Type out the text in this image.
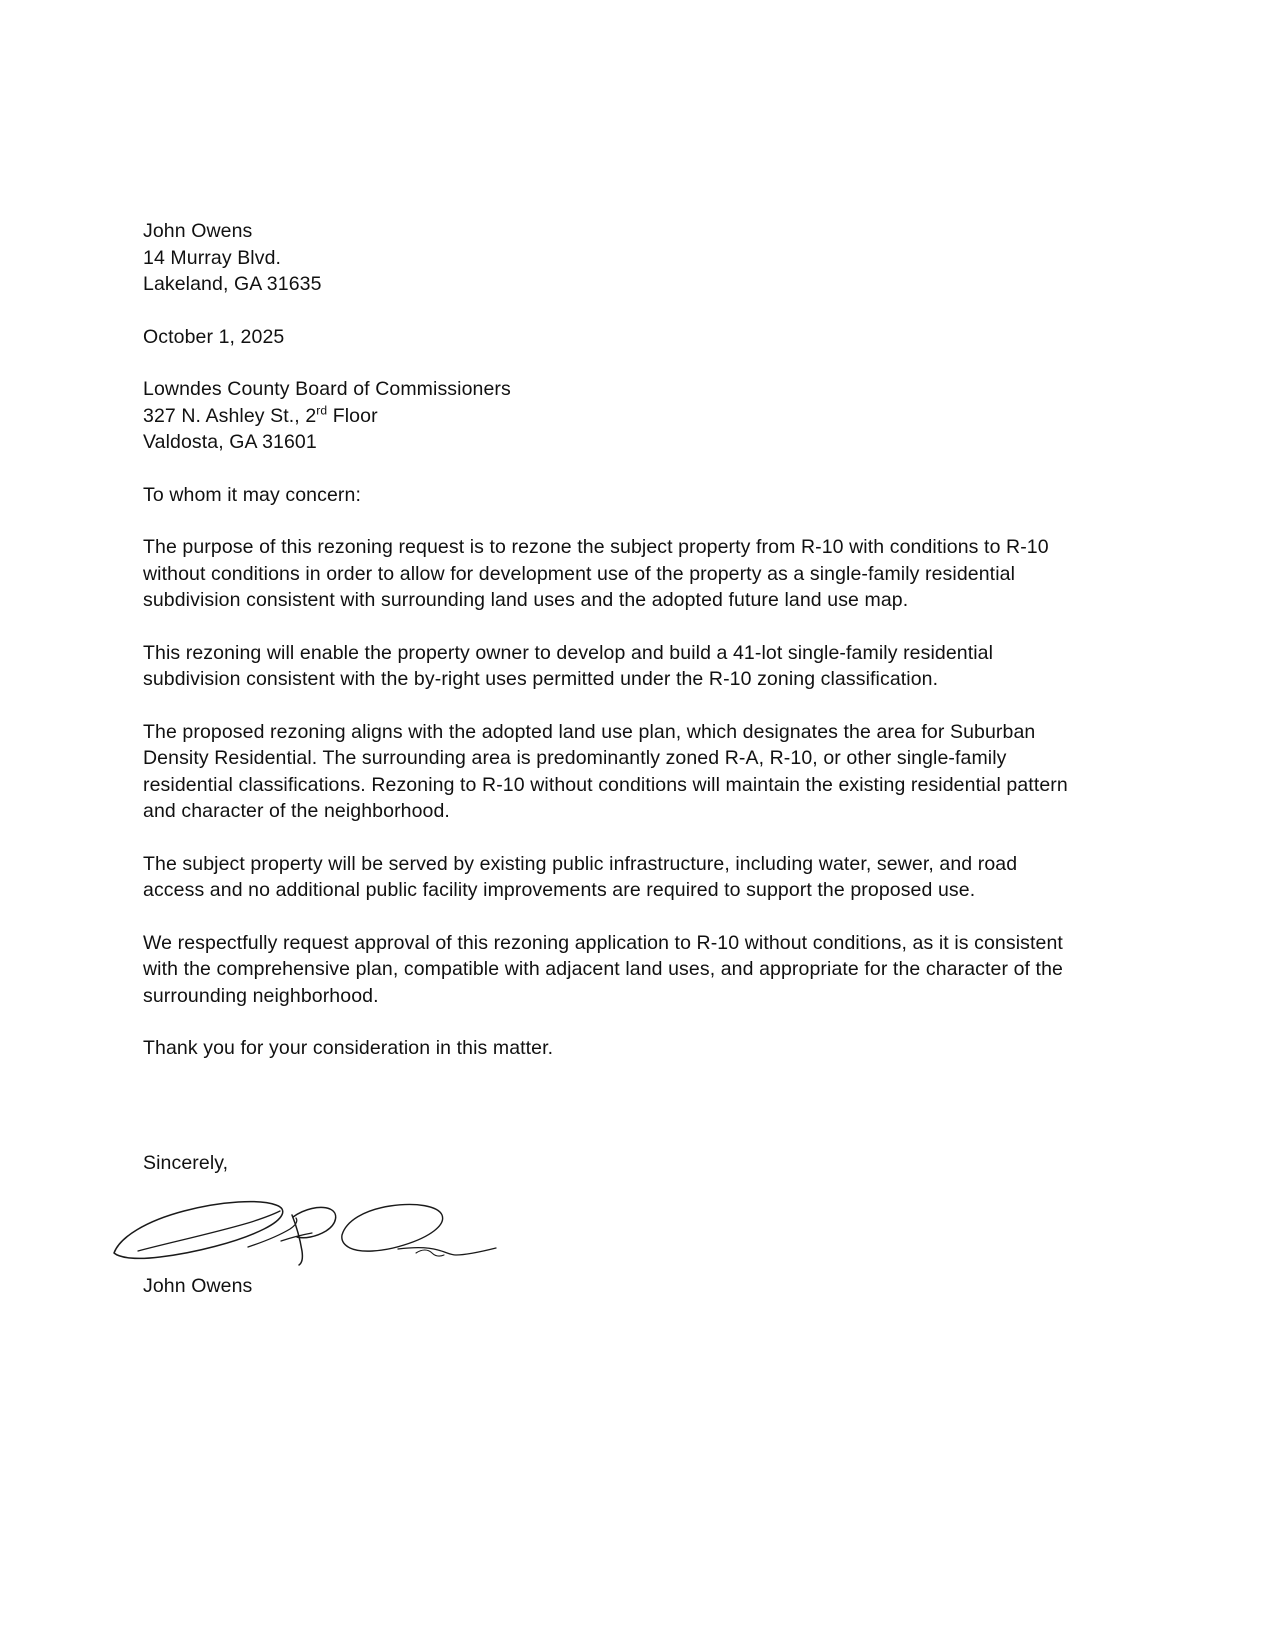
John Owens
14 Murray Blvd.
Lakeland, GA 31635
October 1, 2025
Lowndes County Board of Commissioners
327 N. Ashley St., 2rd Floor
Valdosta, GA 31601
To whom it may concern:

The purpose of this rezoning request is to rezone the subject property from R-10 with conditions to R-10 without conditions in order to allow for development use of the property as a single-family residential subdivision consistent with surrounding land uses and the adopted future land use map.

This rezoning will enable the property owner to develop and build a 41-lot single-family residential subdivision consistent with the by-right uses permitted under the R-10 zoning classification.

The proposed rezoning aligns with the adopted land use plan, which designates the area for Suburban Density Residential. The surrounding area is predominantly zoned R-A, R-10, or other single-family residential classifications. Rezoning to R-10 without conditions will maintain the existing residential pattern and character of the neighborhood.

The subject property will be served by existing public infrastructure, including water, sewer, and road access and no additional public facility improvements are required to support the proposed use.

We respectfully request approval of this rezoning application to R-10 without conditions, as it is consistent with the comprehensive plan, compatible with adjacent land uses, and appropriate for the character of the surrounding neighborhood.

Thank you for your consideration in this matter.

Sincerely,
John Owens
